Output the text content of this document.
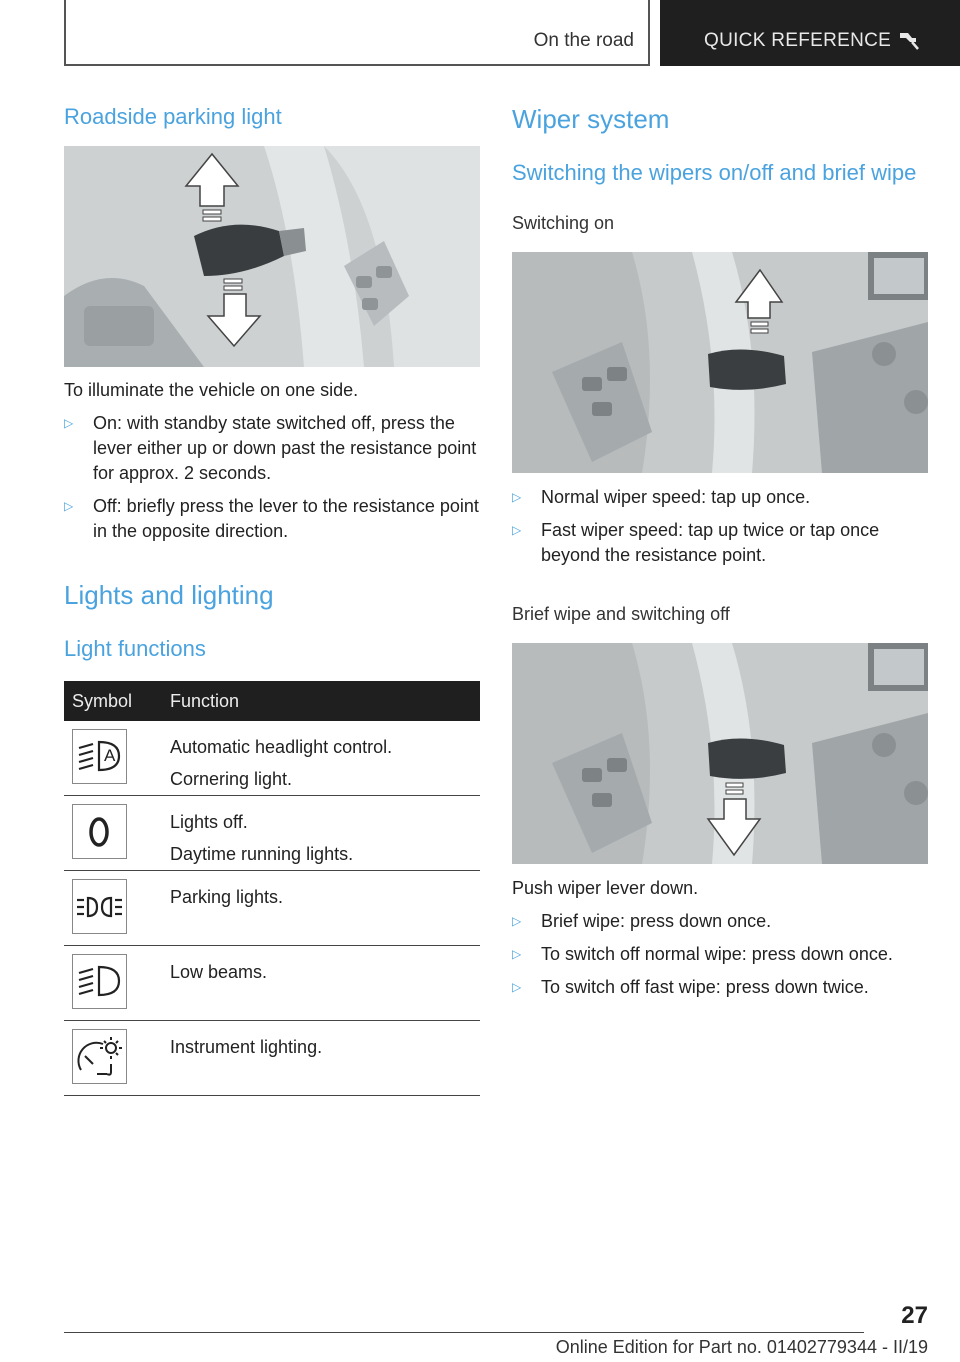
On the road	QUICK REFERENCE
Roadside parking light

To illuminate the vehicle on one side.

▷ On: with standby state switched off, press the lever either up or down past the resistance point for approx. 2 seconds.
▷ Off: briefly press the lever to the resistance point in the opposite direction.
Lights and lighting
Light functions
Symbol Function
A	Automatic headlight control.
Cornering light.
Lights off.
Daytime running lights.
Parking lights.
Low beams.
Instrument lighting.
Wiper system
Switching the wipers on/off and brief wipe
Switching on
▷ Normal wiper speed: tap up once.
▷ Fast wiper speed: tap up twice or tap once beyond the resistance point.
Brief wipe and switching off

Push wiper lever down.

▷ Brief wipe: press down once.
▷ To switch off normal wipe: press down once.
▷ To switch off fast wipe: press down twice.
27
Online Edition for Part no. 01402779344 - II/19
